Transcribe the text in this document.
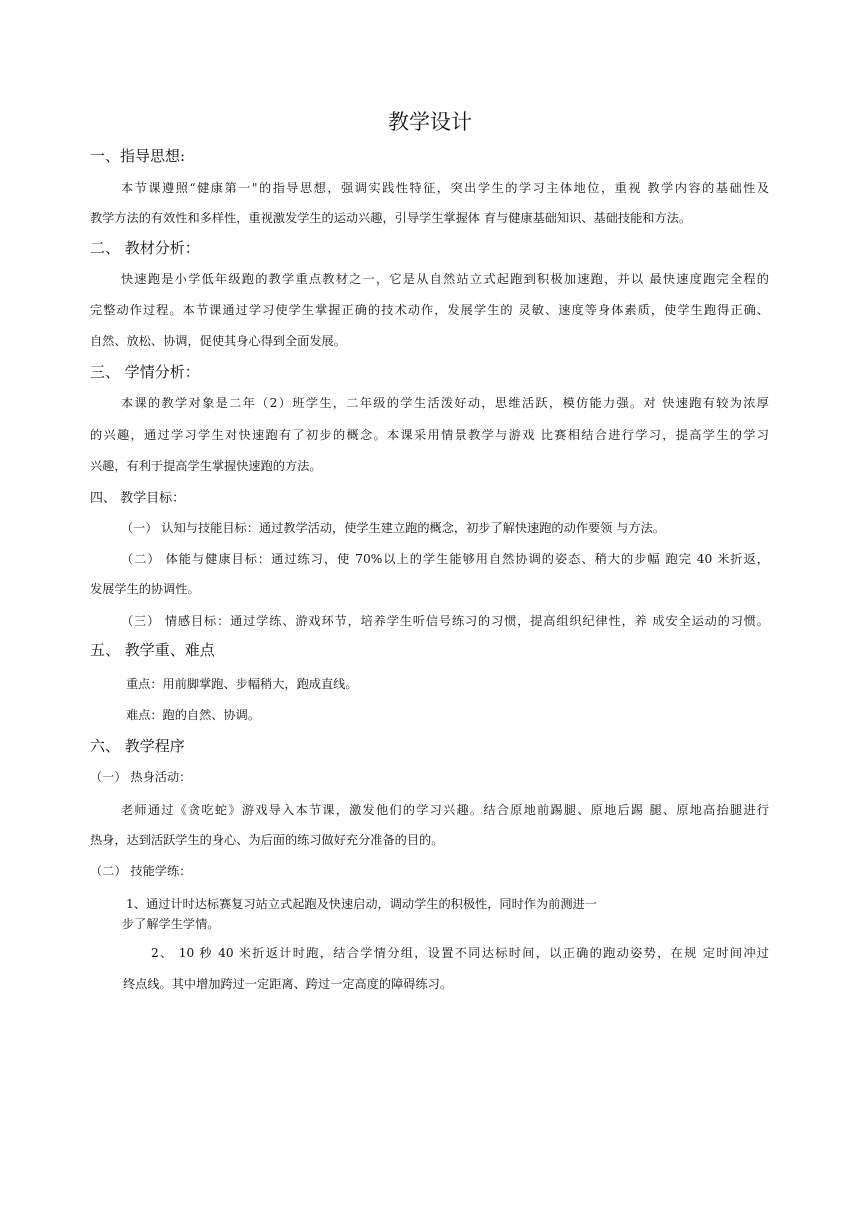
教学设计
一、指导思想:
本节课遵照“健康第一"的指导思想，强调实践性特征，突出学生的学习主体地位，重视 教学内容的基础性及
教学方法的有效性和多样性，重视激发学生的运动兴趣，引导学生掌握体 育与健康基础知识、基础技能和方法。
二、 教材分析：
快速跑是小学低年级跑的教学重点教材之一，它是从自然站立式起跑到积极加速跑，并以 最快速度跑完全程的
完整动作过程。本节课通过学习使学生掌握正确的技术动作，发展学生的 灵敏、速度等身体素质，使学生跑得正确、
自然、放松、协调，促使其身心得到全面发展。
三、 学情分析：
本课的教学对象是二年（2）班学生，二年级的学生活泼好动，思维活跃，模仿能力强。对 快速跑有较为浓厚
的兴趣，通过学习学生对快速跑有了初步的概念。本课采用情景教学与游戏 比赛相结合进行学习，提高学生的学习
兴趣，有利于提高学生掌握快速跑的方法。
四、 教学目标：
（一） 认知与技能目标：通过教学活动，使学生建立跑的概念，初步了解快速跑的动作要领 与方法。
（二） 体能与健康目标：通过练习，使 70%以上的学生能够用自然协调的姿态、稍大的步幅 跑完 40 米折返，
发展学生的协调性。
（三） 情感目标：通过学练、游戏环节，培养学生听信号练习的习惯，提高组织纪律性，养 成安全运动的习惯。
五、 教学重、难点
重点：用前脚掌跑、步幅稍大，跑成直线。
难点：跑的自然、协调。
六、 教学程序
（一） 热身活动：
老师通过《贪吃蛇》游戏导入本节课，激发他们的学习兴趣。结合原地前踢腿、原地后踢 腿、原地高抬腿进行
热身，达到活跃学生的身心、为后面的练习做好充分准备的目的。
（二） 技能学练：
1、通过计时达标赛复习站立式起跑及快速启动，调动学生的积极性，同时作为前测进一
步了解学生学情。
2、 10 秒 40 米折返计时跑，结合学情分组，设置不同达标时间，以正确的跑动姿势，在规 定时间冲过
终点线。其中增加跨过一定距离、跨过一定高度的障碍练习。
